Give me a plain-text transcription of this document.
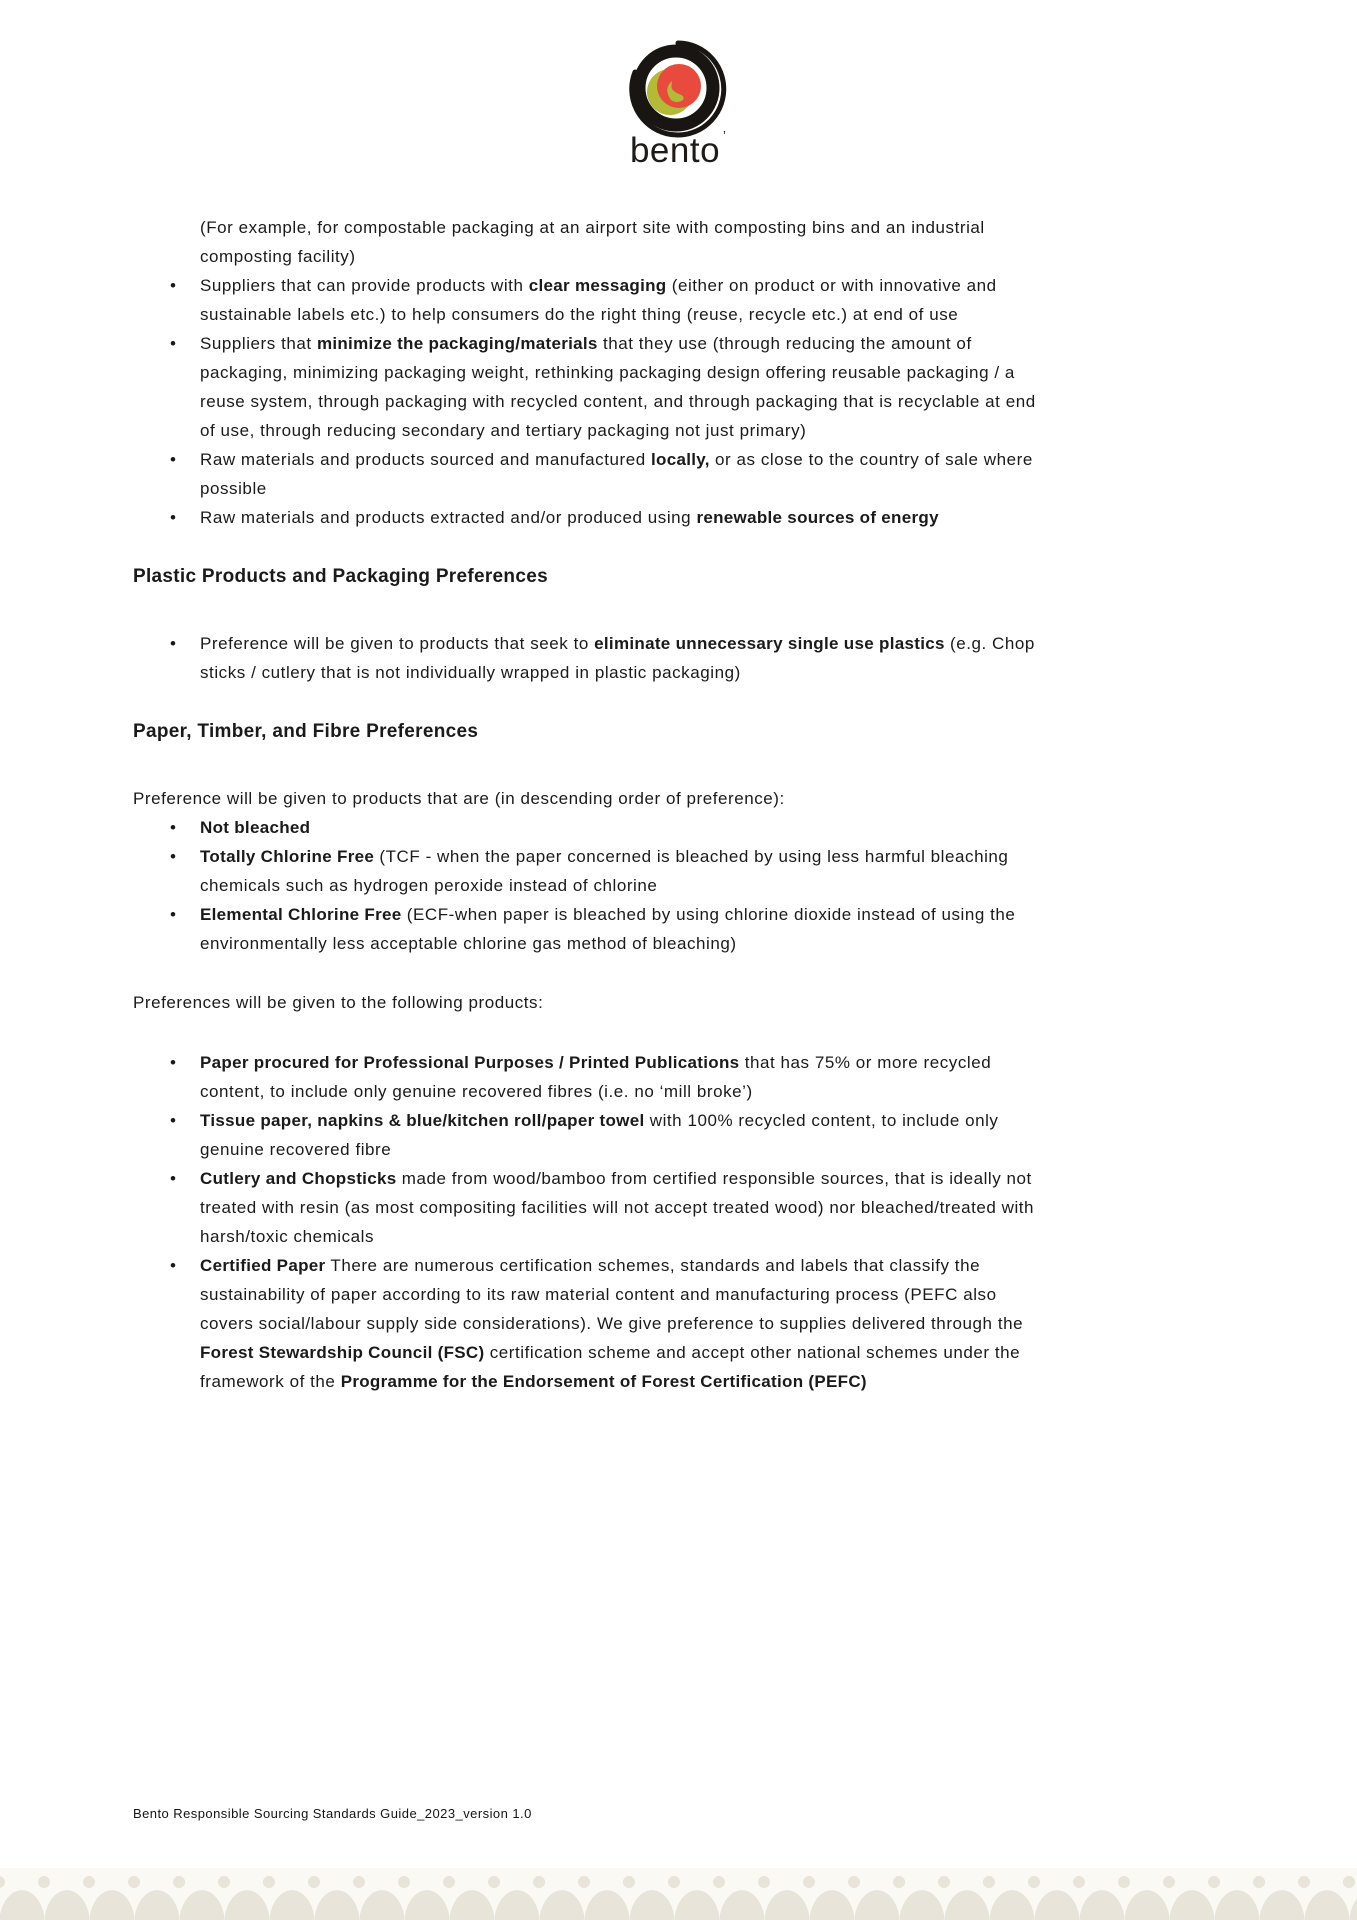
bento ’
(For example, for compostable packaging at an airport site with composting bins and an industrial composting facility)
•
Suppliers that can provide products with clear messaging (either on product or with innovative and sustainable labels etc.) to help consumers do the right thing (reuse, recycle etc.) at end of use
•
Suppliers that minimize the packaging/materials that they use (through reducing the amount of packaging, minimizing packaging weight, rethinking packaging design offering reusable packaging / a reuse system, through packaging with recycled content, and through packaging that is recyclable at end of use, through reducing secondary and tertiary packaging not just primary)
•
Raw materials and products sourced and manufactured locally, or as close to the country of sale where possible
•
Raw materials and products extracted and/or produced using renewable sources of energy
Plastic Products and Packaging Preferences
•
Preference will be given to products that seek to eliminate unnecessary single use plastics (e.g. Chop sticks / cutlery that is not individually wrapped in plastic packaging)
Paper, Timber, and Fibre Preferences
Preference will be given to products that are (in descending order of preference):
•
Not bleached
•
Totally Chlorine Free (TCF - when the paper concerned is bleached by using less harmful bleaching chemicals such as hydrogen peroxide instead of chlorine
•
Elemental Chlorine Free (ECF-when paper is bleached by using chlorine dioxide instead of using the environmentally less acceptable chlorine gas method of bleaching)
Preferences will be given to the following products:
•
Paper procured for Professional Purposes / Printed Publications that has 75% or more recycled content, to include only genuine recovered fibres (i.e. no ‘mill broke’)
•
Tissue paper, napkins & blue/kitchen roll/paper towel with 100% recycled content, to include only genuine recovered fibre
•
Cutlery and Chopsticks made from wood/bamboo from certified responsible sources, that is ideally not treated with resin (as most compositing facilities will not accept treated wood) nor bleached/treated with harsh/toxic chemicals
•
Certified Paper There are numerous certification schemes, standards and labels that classify the sustainability of paper according to its raw material content and manufacturing process (PEFC also covers social/labour supply side considerations). We give preference to supplies delivered through the Forest Stewardship Council (FSC) certification scheme and accept other national schemes under the framework of the Programme for the Endorsement of Forest Certification (PEFC)
Bento Responsible Sourcing Standards Guide_2023_version 1.0
